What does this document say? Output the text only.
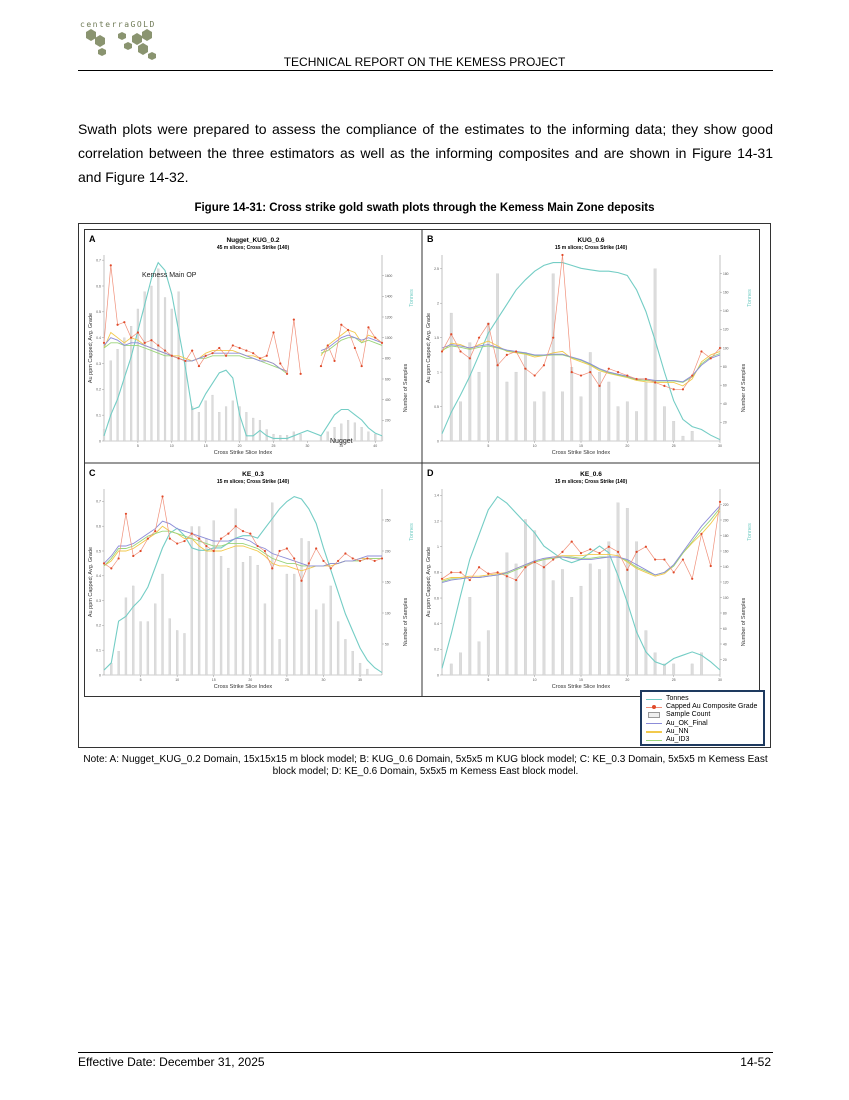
centerraGOLD
TECHNICAL REPORT ON THE KEMESS PROJECT
Swath plots were prepared to assess the compliance of the estimates to the informing data; they show good correlation between the three estimators as well as the informing composites and are shown in Figure 14-31 and Figure 14-32.
Figure 14-31: Cross strike gold swath plots through the Kemess Main Zone deposits
A	Nugget_KUG_0.2
45 m slices; Cross Strike (140)
0
0.1
0.2
0.3
0.4
0.5
0.6
0.7
5	10	15	20	25	30	35	40
200
400
600
800
1000
1200
1400
1600
Cross Strike Slice Index
Au ppm Capped; Avg. Grade
Number of Samples
Tonnes
Kemess Main OP
Nugget
B	KUG_0.6
15 m slices; Cross Strike (140)
0
0.5
1
1.5
2
2.5
5	10	15	20	25	30
20
40
60
80
100
120
140
160
180
Cross Strike Slice Index
Au ppm Capped; Avg. Grade
Number of Samples
Tonnes
C	KE_0.3
15 m slices; Cross Strike (140)
0
0.1
0.2
0.3
0.4
0.5
0.6
0.7
5	10	15	20	25	30	35
50
100
150
200
250
Cross Strike Slice Index
Au ppm Capped; Avg. Grade
Number of Samples
Tonnes
D	KE_0.6
15 m slices; Cross Strike (140)
0
0.2
0.4
0.6
0.8
1
1.2
1.4
5	10	15	20	25	30
20
40
60
80
100
120
140
160
180
200
220
Cross Strike Slice Index
Au ppm Capped; Avg. Grade
Number of Samples
Tonnes
Tonnes
Capped Au Composite Grade
Sample Count
Au_OK_Final
Au_NN
Au_ID3
Note: A: Nugget_KUG_0.2 Domain, 15x15x15 m block model; B: KUG_0.6 Domain, 5x5x5 m KUG block model; C: KE_0.3 Domain, 5x5x5 m Kemess East block model; D: KE_0.6 Domain, 5x5x5 m Kemess East block model.
Effective Date: December 31, 2025	14-52
